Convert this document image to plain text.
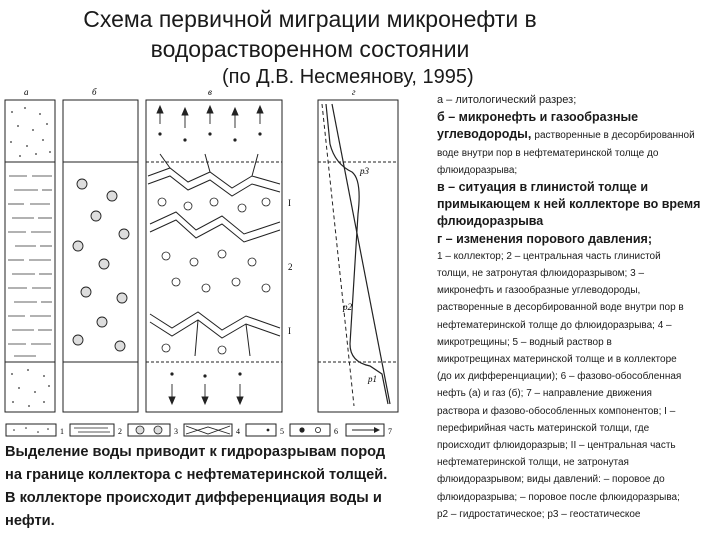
Схема первичной миграции микронефти в
водорастворенном состоянии
(по Д.В. Несмеянову, 1995)
а	б	в	г
p3
p2
p1
I
2
I
1	2	3	4	5	6	7
а – литологический разрез;
б – микронефть и газообразные
углеводороды, растворенные в десорбированной
воде внутри пор в нефтематеринской толще до
флюидоразрыва;
в – ситуация в глинистой толще и
примыкающем к ней коллекторе во время
флюидоразрыва
г – изменения порового давления;
1 – коллектор; 2 – центральная часть глинистой
толщи, не затронутая флюидоразрывом; 3 –
микронефть и газообразные углеводороды,
растворенные в десорбированной воде внутри пор в
нефтематеринской толще до флюидоразрыва; 4 –
микротрещины; 5 – водный раствор в
микротрещинах материнской толще и в коллекторе
(до их дифференциации); 6 – фазово-обособленная
нефть (а) и газ (б); 7 – направление движения
раствора и фазово-обособленных компонентов; I –
перефирийная часть материнской толщи, где
происходит флюидоразрыв; II – центральная часть
нефтематеринской толщи, не затронутая
флюидоразрывом; виды давлений: – поровое до
флюидоразрыва; – поровое после флюидоразрыва;
p2 – гидростатическое; p3 – геостатическое
Выделение воды приводит к гидроразрывам пород
на границе коллектора с нефтематеринской толщей.
В коллекторе происходит дифференциация воды и
нефти.
